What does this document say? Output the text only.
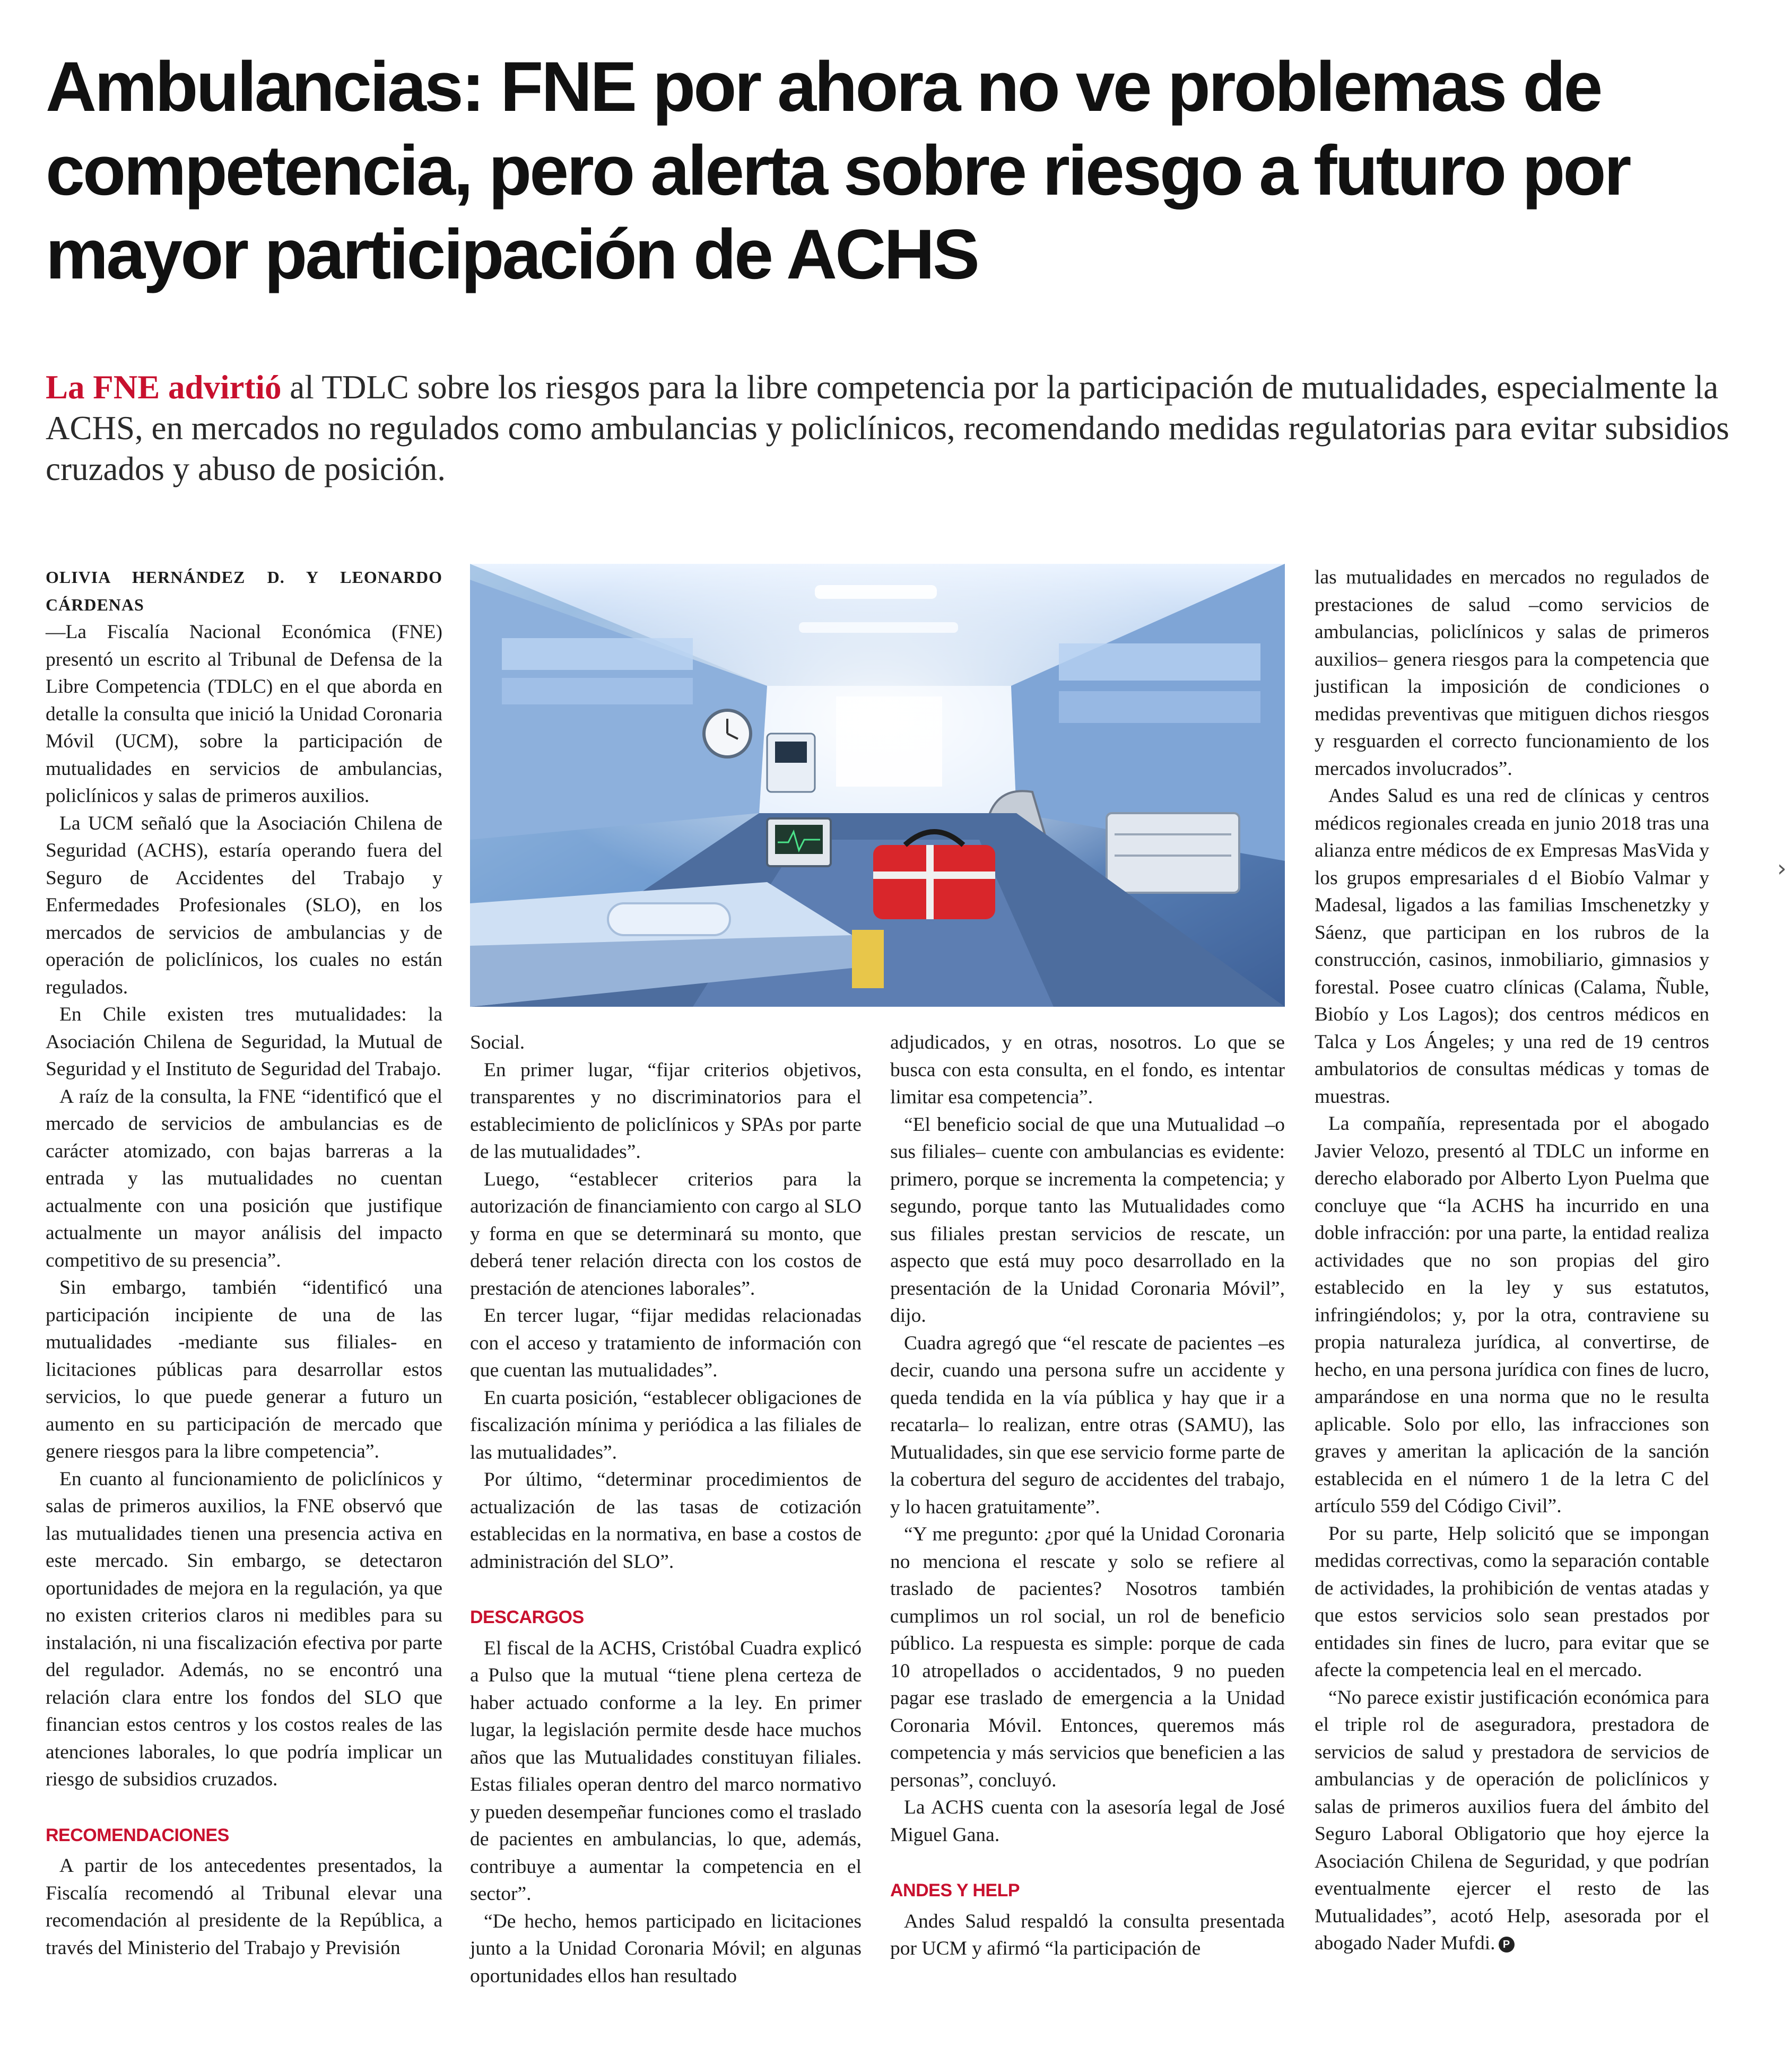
Ambulancias: FNE por ahora no ve problemas de competencia, pero alerta sobre riesgo a futuro por mayor participación de ACHS
La FNE advirtió al TDLC sobre los riesgos para la libre competencia por la participación de mutualidades, especialmente la ACHS, en mercados no regulados como ambulancias y policlínicos, recomendando medidas regulatorias para evitar subsidios cruzados y abuso de posición.

OLIVIA HERNÁNDEZ D. Y LEONARDO CÁRDENAS

—La Fiscalía Nacional Económica (FNE) presentó un escrito al Tribunal de Defensa de la Libre Competencia (TDLC) en el que aborda en detalle la consulta que inició la Unidad Coronaria Móvil (UCM), sobre la participación de mutualidades en servicios de ambulancias, policlínicos y salas de primeros auxilios.

La UCM señaló que la Asociación Chilena de Seguridad (ACHS), estaría operando fuera del Seguro de Accidentes del Trabajo y Enfermedades Profesionales (SLO), en los mercados de servicios de ambulancias y de operación de policlínicos, los cuales no están regulados.

En Chile existen tres mutualidades: la Asociación Chilena de Seguridad, la Mutual de Seguridad y el Instituto de Seguridad del Trabajo.

A raíz de la consulta, la FNE “identificó que el mercado de servicios de ambulancias es de carácter atomizado, con bajas barreras a la entrada y las mutualidades no cuentan actualmente con una posición que justifique actualmente un mayor análisis del impacto competitivo de su presencia”.

Sin embargo, también “identificó una participación incipiente de una de las mutualidades -mediante sus filiales- en licitaciones públicas para desarrollar estos servicios, lo que puede generar a futuro un aumento en su participación de mercado que genere riesgos para la libre competencia”.

En cuanto al funcionamiento de policlínicos y salas de primeros auxilios, la FNE observó que las mutualidades tienen una presencia activa en este mercado. Sin embargo, se detectaron oportunidades de mejora en la regulación, ya que no existen criterios claros ni medibles para su instalación, ni una fiscalización efectiva por parte del regulador. Además, no se encontró una relación clara entre los fondos del SLO que financian estos centros y los costos reales de las atenciones laborales, lo que podría implicar un riesgo de subsidios cruzados.

RECOMENDACIONES

A partir de los antecedentes presentados, la Fiscalía recomendó al Tribunal elevar una recomendación al presidente de la República, a través del Ministerio del Trabajo y Previsión

Social.

En primer lugar, “fijar criterios objetivos, transparentes y no discriminatorios para el establecimiento de policlínicos y SPAs por parte de las mutualidades”.

Luego, “establecer criterios para la autorización de financiamiento con cargo al SLO y forma en que se determinará su monto, que deberá tener relación directa con los costos de prestación de atenciones laborales”.

En tercer lugar, “fijar medidas relacionadas con el acceso y tratamiento de información con que cuentan las mutualidades”.

En cuarta posición, “establecer obligaciones de fiscalización mínima y periódica a las filiales de las mutualidades”.

Por último, “determinar procedimientos de actualización de las tasas de cotización establecidas en la normativa, en base a costos de administración del SLO”.

DESCARGOS

El fiscal de la ACHS, Cristóbal Cuadra explicó a Pulso que la mutual “tiene plena certeza de haber actuado conforme a la ley. En primer lugar, la legislación permite desde hace muchos años que las Mutualidades constituyan filiales. Estas filiales operan dentro del marco normativo y pueden desempeñar funciones como el traslado de pacientes en ambulancias, lo que, además, contribuye a aumentar la competencia en el sector”.

“De hecho, hemos participado en licitaciones junto a la Unidad Coronaria Móvil; en algunas oportunidades ellos han resultado

adjudicados, y en otras, nosotros. Lo que se busca con esta consulta, en el fondo, es intentar limitar esa competencia”.

“El beneficio social de que una Mutualidad –o sus filiales– cuente con ambulancias es evidente: primero, porque se incrementa la competencia; y segundo, porque tanto las Mutualidades como sus filiales prestan servicios de rescate, un aspecto que está muy poco desarrollado en la presentación de la Unidad Coronaria Móvil”, dijo.

Cuadra agregó que “el rescate de pacientes –es decir, cuando una persona sufre un accidente y queda tendida en la vía pública y hay que ir a recatarla– lo realizan, entre otras (SAMU), las Mutualidades, sin que ese servicio forme parte de la cobertura del seguro de accidentes del trabajo, y lo hacen gratuitamente”.

“Y me pregunto: ¿por qué la Unidad Coronaria no menciona el rescate y solo se refiere al traslado de pacientes? Nosotros también cumplimos un rol social, un rol de beneficio público. La respuesta es simple: porque de cada 10 atropellados o accidentados, 9 no pueden pagar ese traslado de emergencia a la Unidad Coronaria Móvil. Entonces, queremos más competencia y más servicios que beneficien a las personas”, concluyó.

La ACHS cuenta con la asesoría legal de José Miguel Gana.

ANDES Y HELP

Andes Salud respaldó la consulta presentada por UCM y afirmó “la participación de

las mutualidades en mercados no regulados de prestaciones de salud –como servicios de ambulancias, policlínicos y salas de primeros auxilios– genera riesgos para la competencia que justifican la imposición de condiciones o medidas preventivas que mitiguen dichos riesgos y resguarden el correcto funcionamiento de los mercados involucrados”.

Andes Salud es una red de clínicas y centros médicos regionales creada en junio 2018 tras una alianza entre médicos de ex Empresas MasVida y los grupos empresariales d el Biobío Valmar y Madesal, ligados a las familias Imschenetzky y Sáenz, que participan en los rubros de la construcción, casinos, inmobiliario, gimnasios y forestal. Posee cuatro clínicas (Calama, Ñuble, Biobío y Los Lagos); dos centros médicos en Talca y Los Ángeles; y una red de 19 centros ambulatorios de consultas médicas y tomas de muestras.

La compañía, representada por el abogado Javier Velozo, presentó al TDLC un informe en derecho elaborado por Alberto Lyon Puelma que concluye que “la ACHS ha incurrido en una doble infracción: por una parte, la entidad realiza actividades que no son propias del giro establecido en la ley y sus estatutos, infringiéndolos; y, por la otra, contraviene su propia naturaleza jurídica, al convertirse, de hecho, en una persona jurídica con fines de lucro, amparándose en una norma que no le resulta aplicable. Solo por ello, las infracciones son graves y ameritan la aplicación de la sanción establecida en el número 1 de la letra C del artículo 559 del Código Civil”.

Por su parte, Help solicitó que se impongan medidas correctivas, como la separación contable de actividades, la prohibición de ventas atadas y que estos servicios solo sean prestados por entidades sin fines de lucro, para evitar que se afecte la competencia leal en el mercado.

“No parece existir justificación económica para el triple rol de aseguradora, prestadora de servicios de salud y prestadora de servicios de ambulancias y de operación de policlínicos y salas de primeros auxilios fuera del ámbito del Seguro Laboral Obligatorio que hoy ejerce la Asociación Chilena de Seguridad, y que podrían eventualmente ejercer el resto de las Mutualidades”, acotó Help, asesorada por el abogado Nader Mufdi. P

›
